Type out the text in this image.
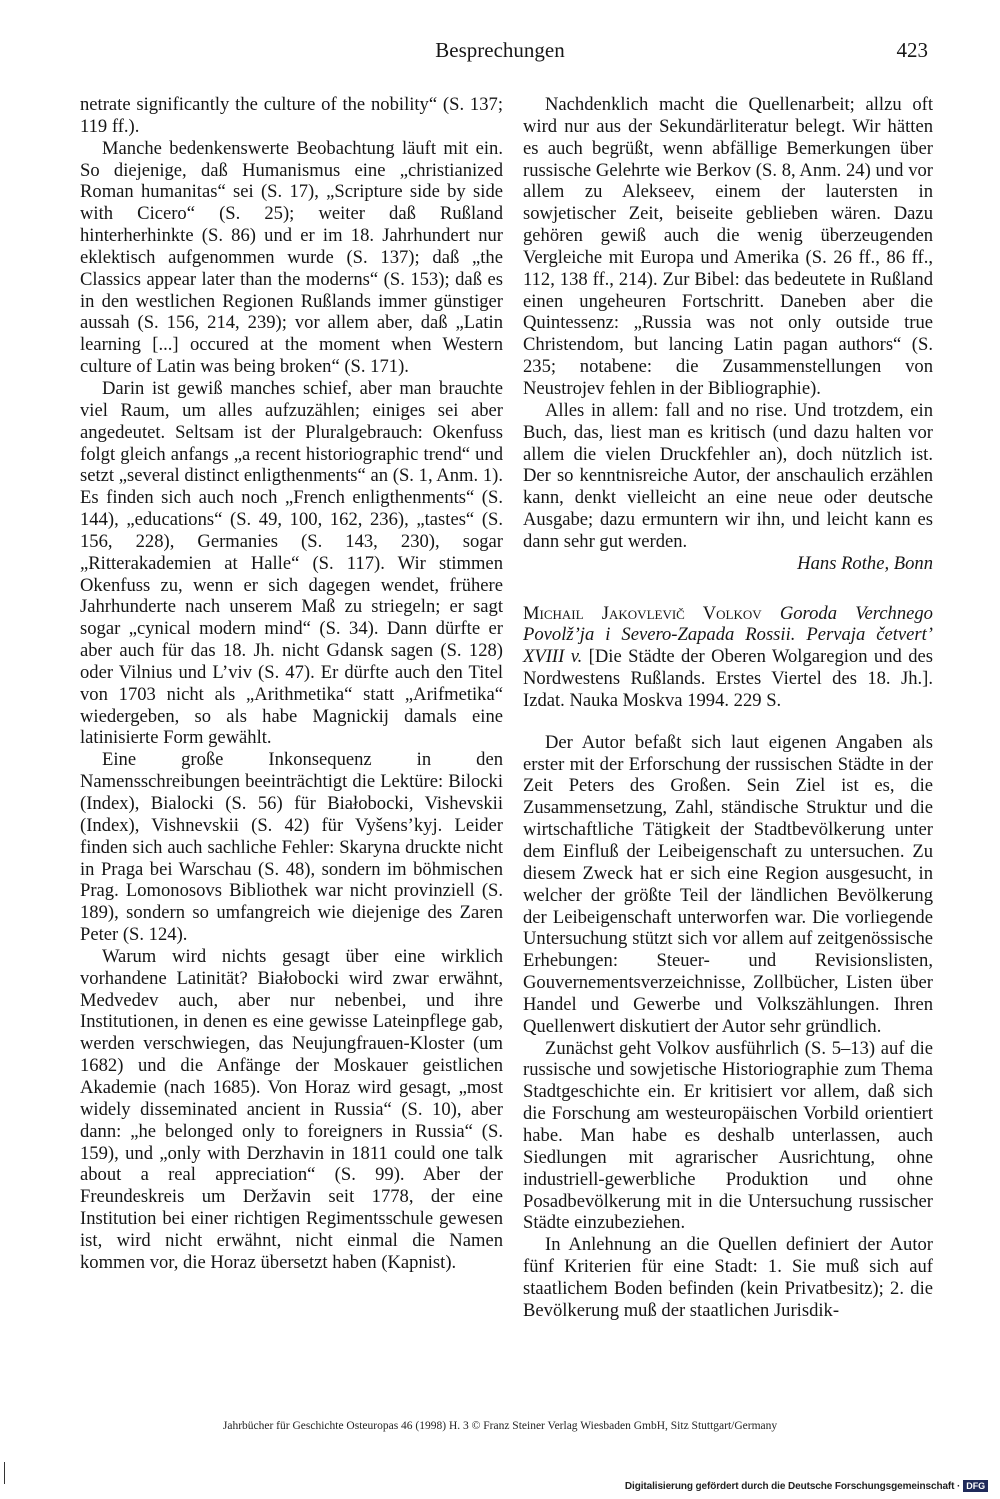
Besprechungen	423

netrate significantly the culture of the nobility“ (S. 137; 119 ff.).

Manche bedenkenswerte Beobachtung läuft mit ein. So diejenige, daß Humanismus eine „christianized Roman humanitas“ sei (S. 17), „Scripture side by side with Cicero“ (S. 25); weiter daß Rußland hinterherhinkte (S. 86) und er im 18. Jahrhundert nur eklektisch aufgenommen wurde (S. 137); daß „the Classics appear later than the moderns“ (S. 153); daß es in den westlichen Regionen Rußlands immer günstiger aussah (S. 156, 214, 239); vor allem aber, daß „Latin learning [...] occured at the moment when Western culture of Latin was being broken“ (S. 171).

Darin ist gewiß manches schief, aber man brauchte viel Raum, um alles aufzuzählen; einiges sei aber angedeutet. Seltsam ist der Pluralgebrauch: Okenfuss folgt gleich anfangs „a recent historiographic trend“ und setzt „several distinct enligthenments“ an (S. 1, Anm. 1). Es finden sich auch noch „French enligthenments“ (S. 144), „educations“ (S. 49, 100, 162, 236), „tastes“ (S. 156, 228), Germanies (S. 143, 230), sogar „Ritterakademien at Halle“ (S. 117). Wir stimmen Okenfuss zu, wenn er sich dagegen wendet, frühere Jahrhunderte nach unserem Maß zu striegeln; er sagt sogar „cynical modern mind“ (S. 34). Dann dürfte er aber auch für das 18. Jh. nicht Gdansk sagen (S. 128) oder Vilnius und L’viv (S. 47). Er dürfte auch den Titel von 1703 nicht als „Arithmetika“ statt „Arifmetika“ wiedergeben, so als habe Magnickij damals eine latinisierte Form gewählt.

Eine große Inkonsequenz in den Namensschreibungen beeinträchtigt die Lektüre: Bilocki (Index), Bialocki (S. 56) für Białobocki, Vishevskii (Index), Vishnevskii (S. 42) für Vyšens’kyj. Leider finden sich auch sachliche Fehler: Skaryna druckte nicht in Praga bei Warschau (S. 48), sondern im böhmischen Prag. Lomonosovs Bibliothek war nicht provinziell (S. 189), sondern so umfangreich wie diejenige des Zaren Peter (S. 124).

Warum wird nichts gesagt über eine wirklich vorhandene Latinität? Białobocki wird zwar erwähnt, Medvedev auch, aber nur nebenbei, und ihre Institutionen, in denen es eine gewisse Lateinpflege gab, werden verschwiegen, das Neujungfrauen-Kloster (um 1682) und die Anfänge der Moskauer geistlichen Akademie (nach 1685). Von Horaz wird gesagt, „most widely disseminated ancient in Russia“ (S. 10), aber dann: „he belonged only to foreigners in Russia“ (S. 159), und „only with Derzhavin in 1811 could one talk about a real appreciation“ (S. 99). Aber der Freundeskreis um Deržavin seit 1778, der eine Institution bei einer richtigen Regimentsschule gewesen ist, wird nicht erwähnt, nicht einmal die Namen kommen vor, die Horaz übersetzt haben (Kapnist).

Nachdenklich macht die Quellenarbeit; allzu oft wird nur aus der Sekundärliteratur belegt. Wir hätten es auch begrüßt, wenn abfällige Bemerkungen über russische Gelehrte wie Berkov (S. 8, Anm. 24) und vor allem zu Alekseev, einem der lautersten in sowjetischer Zeit, beiseite geblieben wären. Dazu gehören gewiß auch die wenig überzeugenden Vergleiche mit Europa und Amerika (S. 26 ff., 86 ff., 112, 138 ff., 214). Zur Bibel: das bedeutete in Rußland einen ungeheuren Fortschritt. Daneben aber die Quintessenz: „Russia was not only outside true Christendom, but lancing Latin pagan authors“ (S. 235; notabene: die Zusammenstellungen von Neustrojev fehlen in der Bibliographie).

Alles in allem: fall and no rise. Und trotzdem, ein Buch, das, liest man es kritisch (und dazu halten vor allem die vielen Druckfehler an), doch nützlich ist. Der so kenntnisreiche Autor, der anschaulich erzählen kann, denkt vielleicht an eine neue oder deutsche Ausgabe; dazu ermuntern wir ihn, und leicht kann es dann sehr gut werden.

Hans Rothe, Bonn

Michail Jakovlevič Volkov Goroda Verchnego Povolž’ja i Severo-Zapada Rossii. Pervaja četvert’ XVIII v. [Die Städte der Oberen Wolgaregion und des Nordwestens Rußlands. Erstes Viertel des 18. Jh.]. Izdat. Nauka Moskva 1994. 229 S.

Der Autor befaßt sich laut eigenen Angaben als erster mit der Erforschung der russischen Städte in der Zeit Peters des Großen. Sein Ziel ist es, die Zusammensetzung, Zahl, ständische Struktur und die wirtschaftliche Tätigkeit der Stadtbevölkerung unter dem Einfluß der Leibeigenschaft zu untersuchen. Zu diesem Zweck hat er sich eine Region ausgesucht, in welcher der größte Teil der ländlichen Bevölkerung der Leibeigenschaft unterworfen war. Die vorliegende Untersuchung stützt sich vor allem auf zeitgenössische Erhebungen: Steuer- und Revisionslisten, Gouvernementsverzeichnisse, Zollbücher, Listen über Handel und Gewerbe und Volkszählungen. Ihren Quellenwert diskutiert der Autor sehr gründlich.

Zunächst geht Volkov ausführlich (S. 5–13) auf die russische und sowjetische Historiographie zum Thema Stadtgeschichte ein. Er kritisiert vor allem, daß sich die Forschung am westeuropäischen Vorbild orientiert habe. Man habe es deshalb unterlassen, auch Siedlungen mit agrarischer Ausrichtung, ohne industriell-gewerbliche Produktion und ohne Posadbevölkerung mit in die Untersuchung russischer Städte einzubeziehen.

In Anlehnung an die Quellen definiert der Autor fünf Kriterien für eine Stadt: 1. Sie muß sich auf staatlichem Boden befinden (kein Privatbesitz); 2. die Bevölkerung muß der staatlichen Jurisdik-

Jahrbücher für Geschichte Osteuropas 46 (1998) H. 3 © Franz Steiner Verlag Wiesbaden GmbH, Sitz Stuttgart/Germany
Digitalisierung gefördert durch die Deutsche Forschungsgemeinschaft · DFG
